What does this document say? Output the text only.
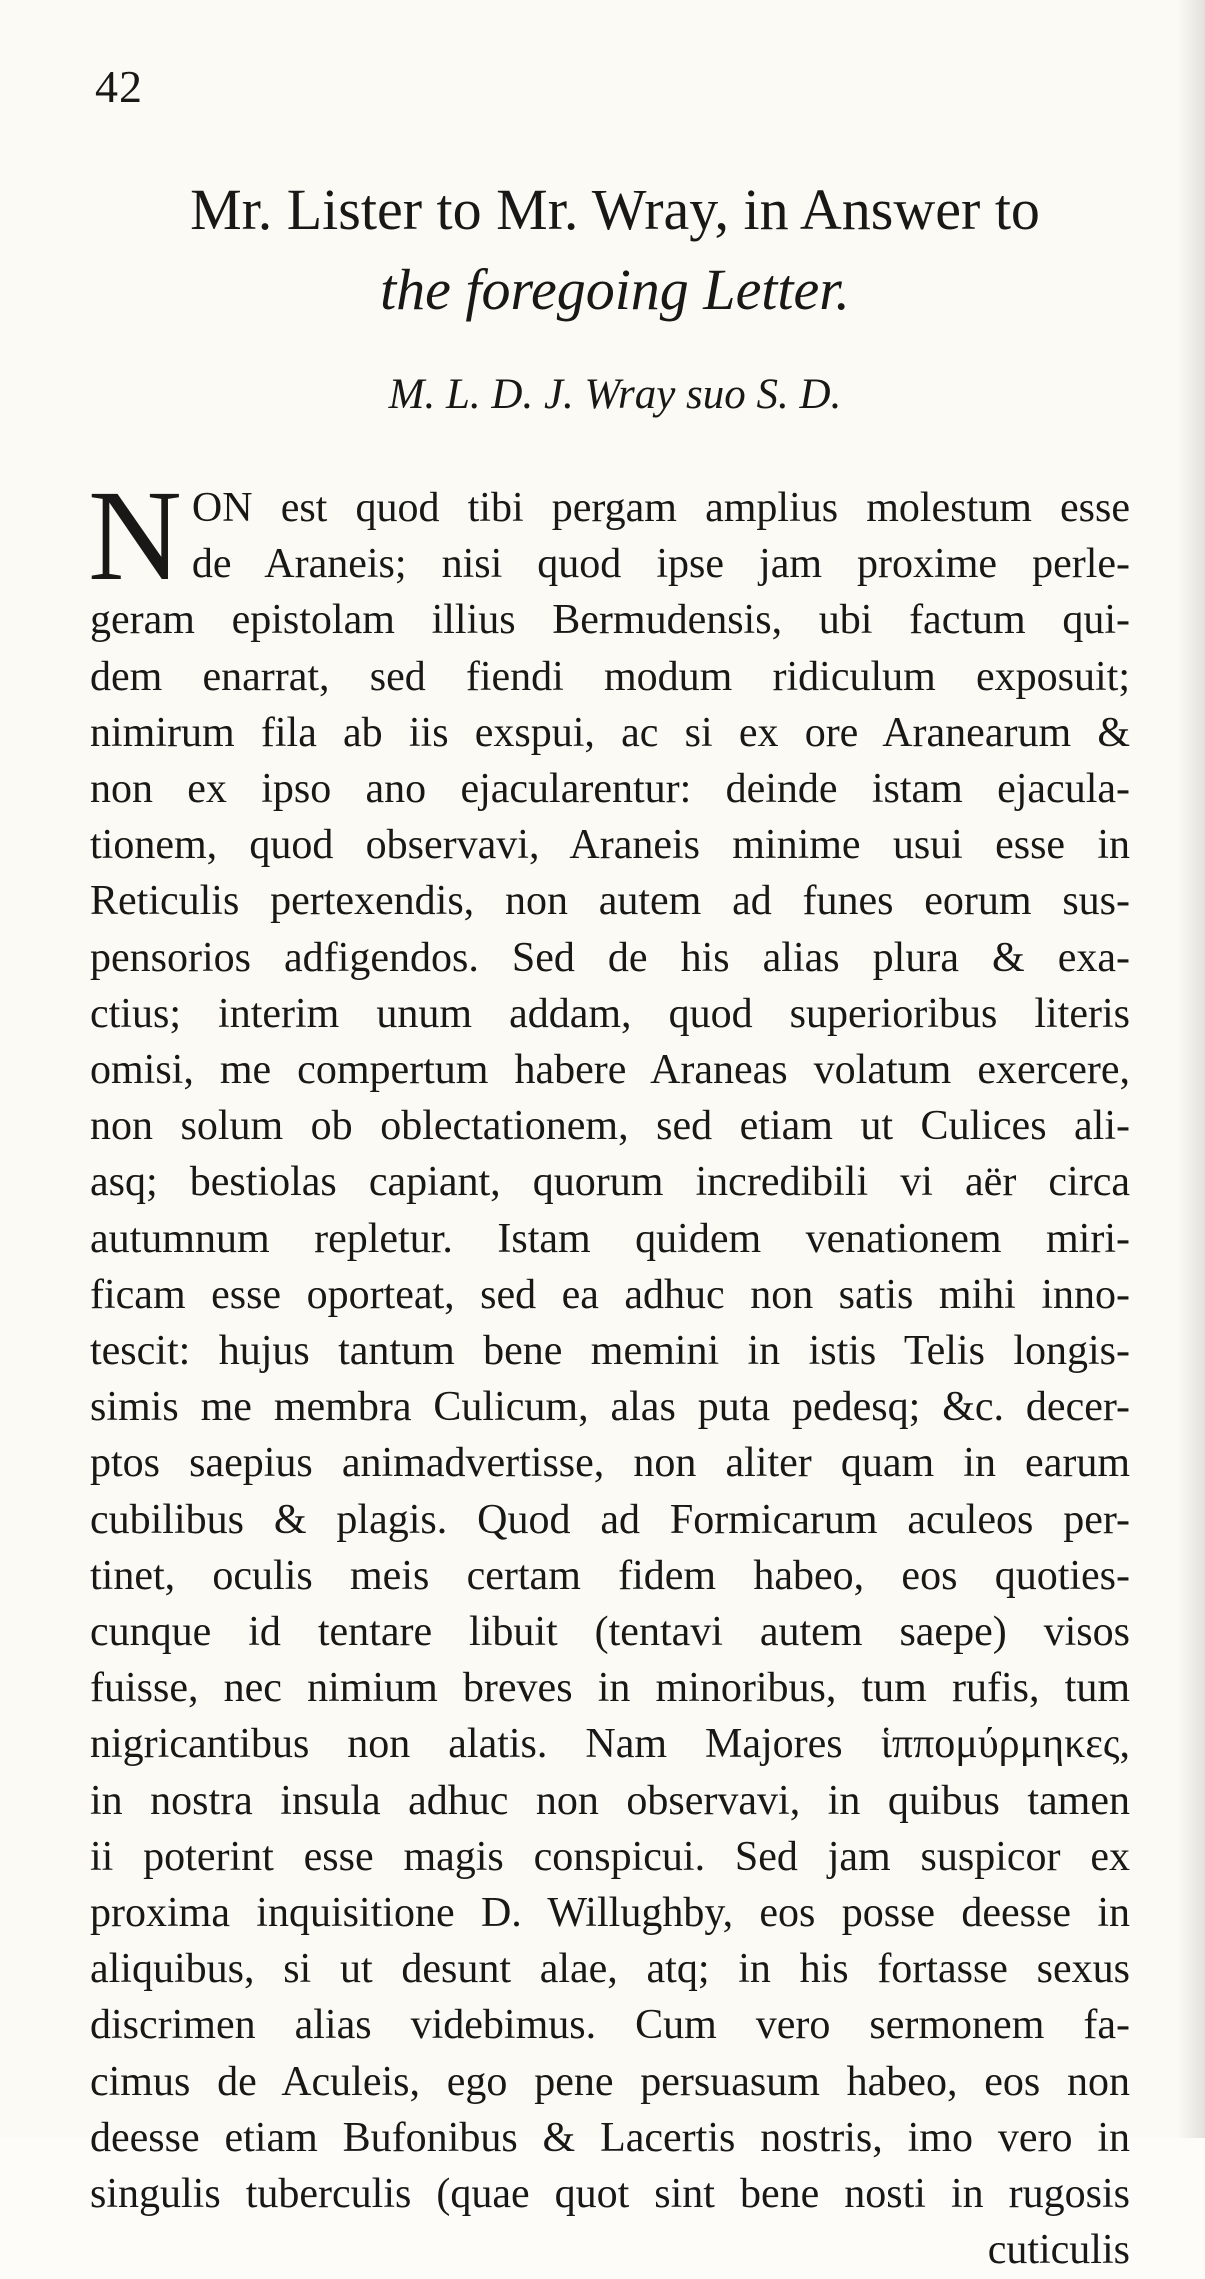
42
Mr. Lister to Mr. Wray, in Answer to
the foregoing Letter.
M. L. D. J. Wray suo S. D.
N ON est quod tibi pergam amplius molestum esse
de Araneis; nisi quod ipse jam proxime perle-
geram epistolam illius Bermudensis, ubi factum qui-
dem enarrat, sed fiendi modum ridiculum exposuit;
nimirum fila ab iis exspui, ac si ex ore Aranearum &
non ex ipso ano ejacularentur: deinde istam ejacula-
tionem, quod observavi, Araneis minime usui esse in
Reticulis pertexendis, non autem ad funes eorum sus-
pensorios adfigendos. Sed de his alias plura & exa-
ctius; interim unum addam, quod superioribus literis
omisi, me compertum habere Araneas volatum exercere,
non solum ob oblectationem, sed etiam ut Culices ali-
asq; bestiolas capiant, quorum incredibili vi aër circa
autumnum repletur. Istam quidem venationem miri-
ficam esse oporteat, sed ea adhuc non satis mihi inno-
tescit: hujus tantum bene memini in istis Telis longis-
simis me membra Culicum, alas puta pedesq; &c. decer-
ptos saepius animadvertisse, non aliter quam in earum
cubilibus & plagis. Quod ad Formicarum aculeos per-
tinet, oculis meis certam fidem habeo, eos quoties-
cunque id tentare libuit (tentavi autem saepe) visos
fuisse, nec nimium breves in minoribus, tum rufis, tum
nigricantibus non alatis. Nam Majores ἱππομύρμηκες,
in nostra insula adhuc non observavi, in quibus tamen
ii poterint esse magis conspicui. Sed jam suspicor ex
proxima inquisitione D. Willughby, eos posse deesse in
aliquibus, si ut desunt alae, atq; in his fortasse sexus
discrimen alias videbimus. Cum vero sermonem fa-
cimus de Aculeis, ego pene persuasum habeo, eos non
deesse etiam Bufonibus & Lacertis nostris, imo vero in
singulis tuberculis (quae quot sint bene nosti in rugosis
cuticulis
